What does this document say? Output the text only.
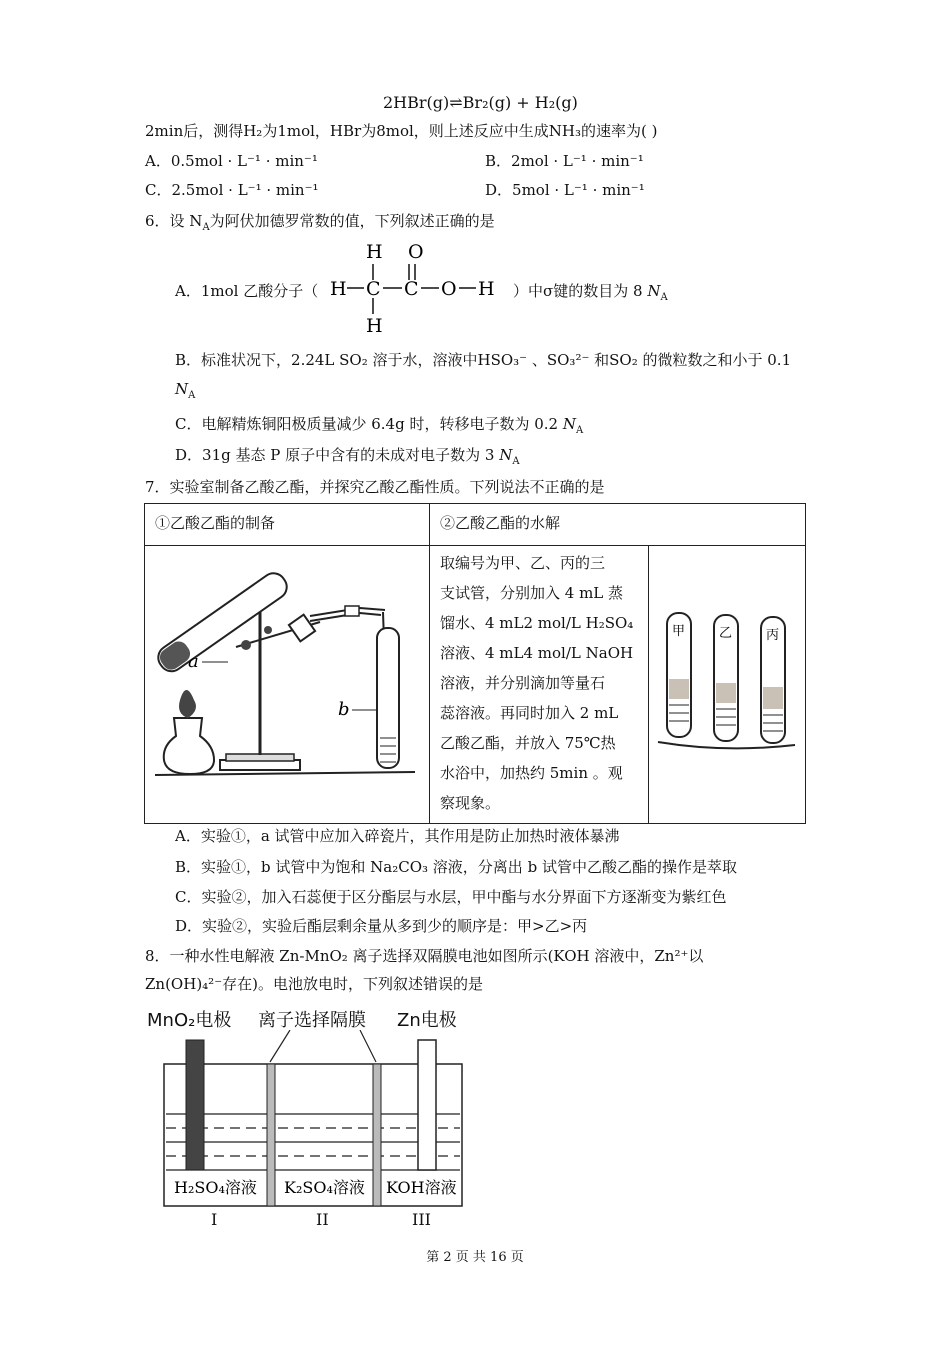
2HBr(g)⇌Br₂(g) + H₂(g)
2min后，测得H₂为1mol，HBr为8mol，则上述反应中生成NH₃的速率为( )
A．0.5mol · L⁻¹ · min⁻¹	B．2mol · L⁻¹ · min⁻¹
C．2.5mol · L⁻¹ · min⁻¹	D．5mol · L⁻¹ · min⁻¹
6．设 $N_A$为阿伏加德罗常数的值，下列叙述正确的是
A．1mol 乙酸分子（
H O
H C C O H
H
）中σ键的数目为 8 $N_A$
B．标准状况下，2.24L SO₂ 溶于水，溶液中HSO₃⁻ 、SO₃²⁻ 和SO₂ 的微粒数之和小于 0.1
$N_A$
C．电解精炼铜阳极质量减少 6.4g 时，转移电子数为 0.2 $N_A$
D．31g 基态 P 原子中含有的未成对电子数为 3 $N_A$
7．实验室制备乙酸乙酯，并探究乙酸乙酯性质。下列说法不正确的是
①乙酸乙酯的制备	②乙酸乙酯的水解
取编号为甲、乙、丙的三
支试管，分别加入 4 mL 蒸
馏水、4 mL2 mol/L H₂SO₄
溶液、4 mL4 mol/L NaOH
溶液，并分别滴加等量石
蕊溶液。再同时加入 2 mL
乙酸乙酯，并放入 75℃热
水浴中，加热约 5min 。观
察现象。
a
b
甲	乙	丙
A．实验①，a 试管中应加入碎瓷片，其作用是防止加热时液体暴沸
B．实验①，b 试管中为饱和 Na₂CO₃ 溶液，分离出 b 试管中乙酸乙酯的操作是萃取
C．实验②，加入石蕊便于区分酯层与水层，甲中酯与水分界面下方逐渐变为紫红色
D．实验②，实验后酯层剩余量从多到少的顺序是：甲>乙>丙
8．一种水性电解液 Zn-MnO₂ 离子选择双隔膜电池如图所示(KOH 溶液中，Zn²⁺以
Zn(OH)₄²⁻存在)。电池放电时，下列叙述错误的是
MnO₂电极 离子选择隔膜 Zn电极
H₂SO₄溶液 K₂SO₄溶液 KOH溶液
I	II	III
第 2 页 共 16 页
